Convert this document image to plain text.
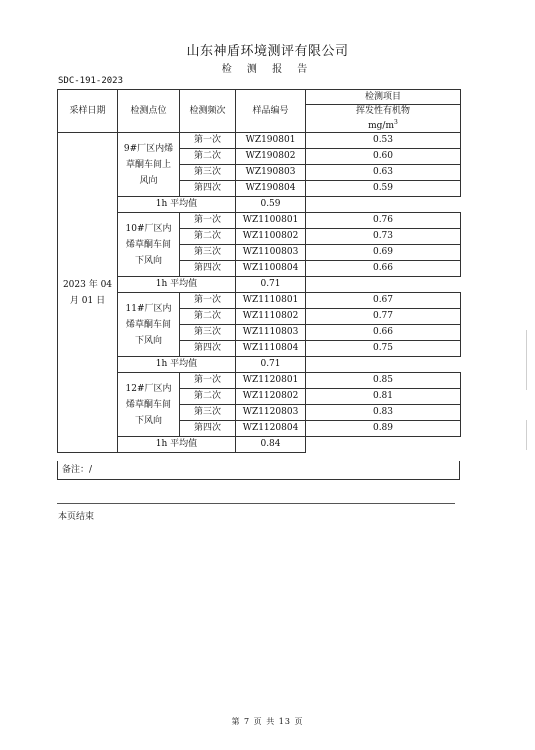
山东神盾环境测评有限公司
检 测 报 告
SDC-191-2023
采样日期	检测点位	检测频次	样品编号	检测项目

				挥发性有机物
$mg/m^3$

2023 年 04 月 01 日	9#厂区内烯草酮车间上风向	第一次	WZ190801	0.53
		第二次	WZ190802	0.60
		第三次	WZ190803	0.63
		第四次	WZ190804	0.59
	1h 平均值		0.59	

	10#厂区内烯草酮车间下风向	第一次	WZ1100801	0.76
		第二次	WZ1100802	0.73
		第三次	WZ1100803	0.69
		第四次	WZ1100804	0.66
	1h 平均值		0.71	

	11#厂区内烯草酮车间下风向	第一次	WZ1110801	0.67
		第二次	WZ1110802	0.77
		第三次	WZ1110803	0.66
		第四次	WZ1110804	0.75
	1h 平均值		0.71	

	12#厂区内烯草酮车间下风向	第一次	WZ1120801	0.85
		第二次	WZ1120802	0.81
		第三次	WZ1120803	0.83
		第四次	WZ1120804	0.89
	1h 平均值		0.84	
备注：/
本页结束
第 7 页 共 13 页
